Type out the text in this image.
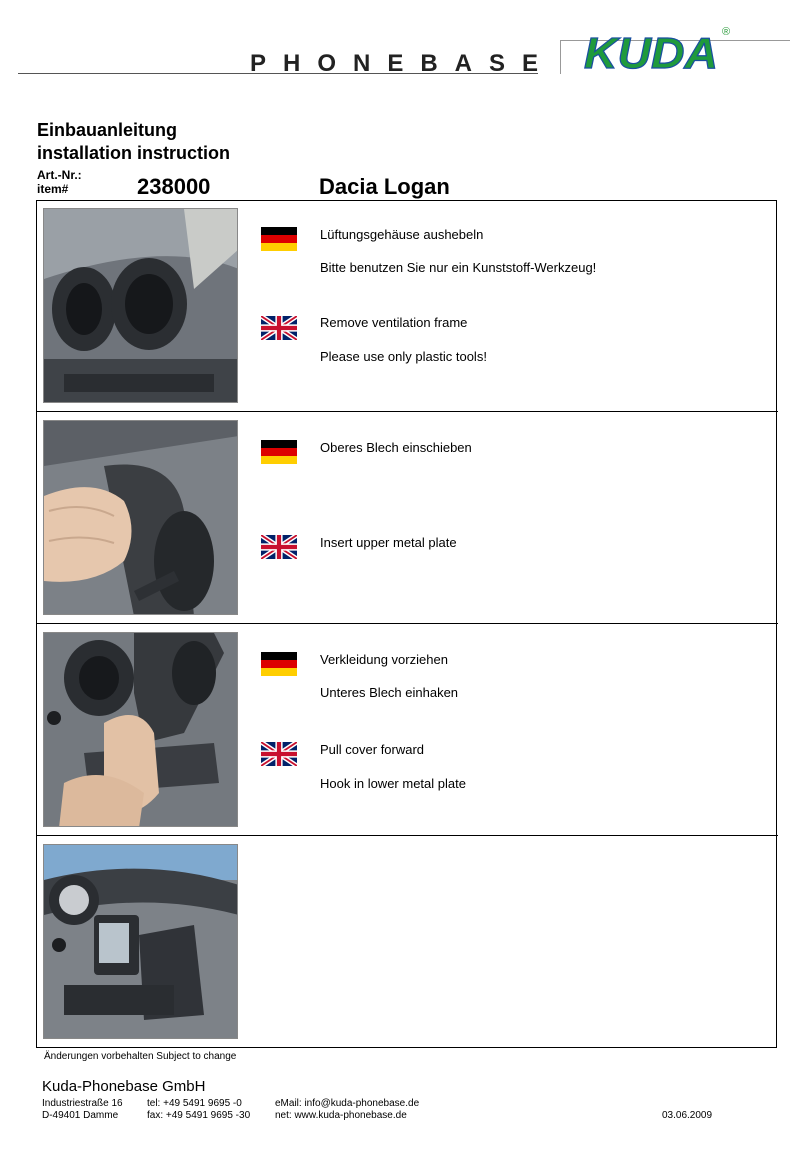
PHONEBASE KUDA ®
Einbauanleitung
installation instruction
Art.-Nr.:
item#	238000	Dacia Logan
Lüftungsgehäuse aushebeln
Bitte benutzen Sie nur ein Kunststoff-Werkzeug!
Remove ventilation frame
Please use only plastic tools!
Oberes Blech einschieben
Insert upper metal plate
Verkleidung vorziehen
Unteres Blech einhaken
Pull cover forward
Hook in lower metal plate
Änderungen vorbehalten Subject to change
Kuda-Phonebase GmbH
Industriestraße 16
D-49401 Damme
tel: +49 5491 9695 -0
fax: +49 5491 9695 -30
eMail: info@kuda-phonebase.de
net: www.kuda-phonebase.de	03.06.2009
